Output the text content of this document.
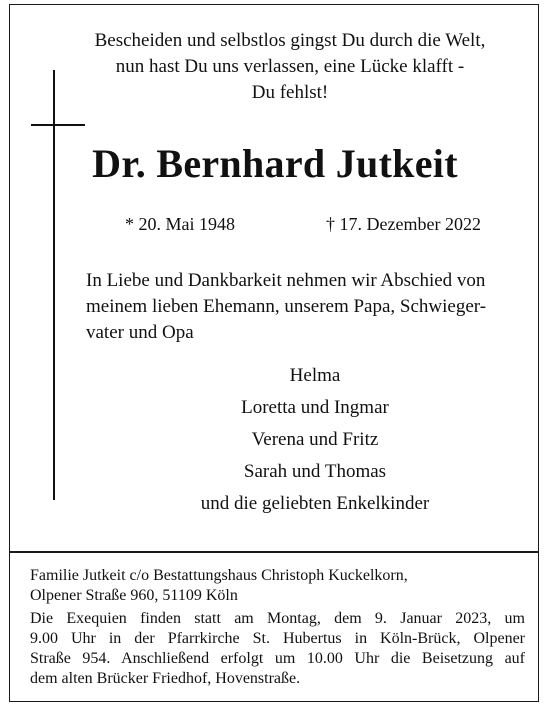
Bescheiden und selbstlos gingst Du durch die Welt,
nun hast Du uns verlassen, eine Lücke klafft -
Du fehlst!
Dr. Bernhard Jutkeit
* 20. Mai 1948	† 17. Dezember 2022
In Liebe und Dankbarkeit nehmen wir Abschied von
meinem lieben Ehemann, unserem Papa, Schwieger-
vater und Opa
Helma
Loretta und Ingmar
Verena und Fritz
Sarah und Thomas
und die geliebten Enkelkinder
Familie Jutkeit c/o Bestattungshaus Christoph Kuckelkorn,
Olpener Straße 960, 51109 Köln
Die Exequien finden statt am Montag, dem 9. Januar 2023, um
9.00 Uhr in der Pfarrkirche St. Hubertus in Köln-Brück, Olpener
Straße 954. Anschließend erfolgt um 10.00 Uhr die Beisetzung auf
dem alten Brücker Friedhof, Hovenstraße.
